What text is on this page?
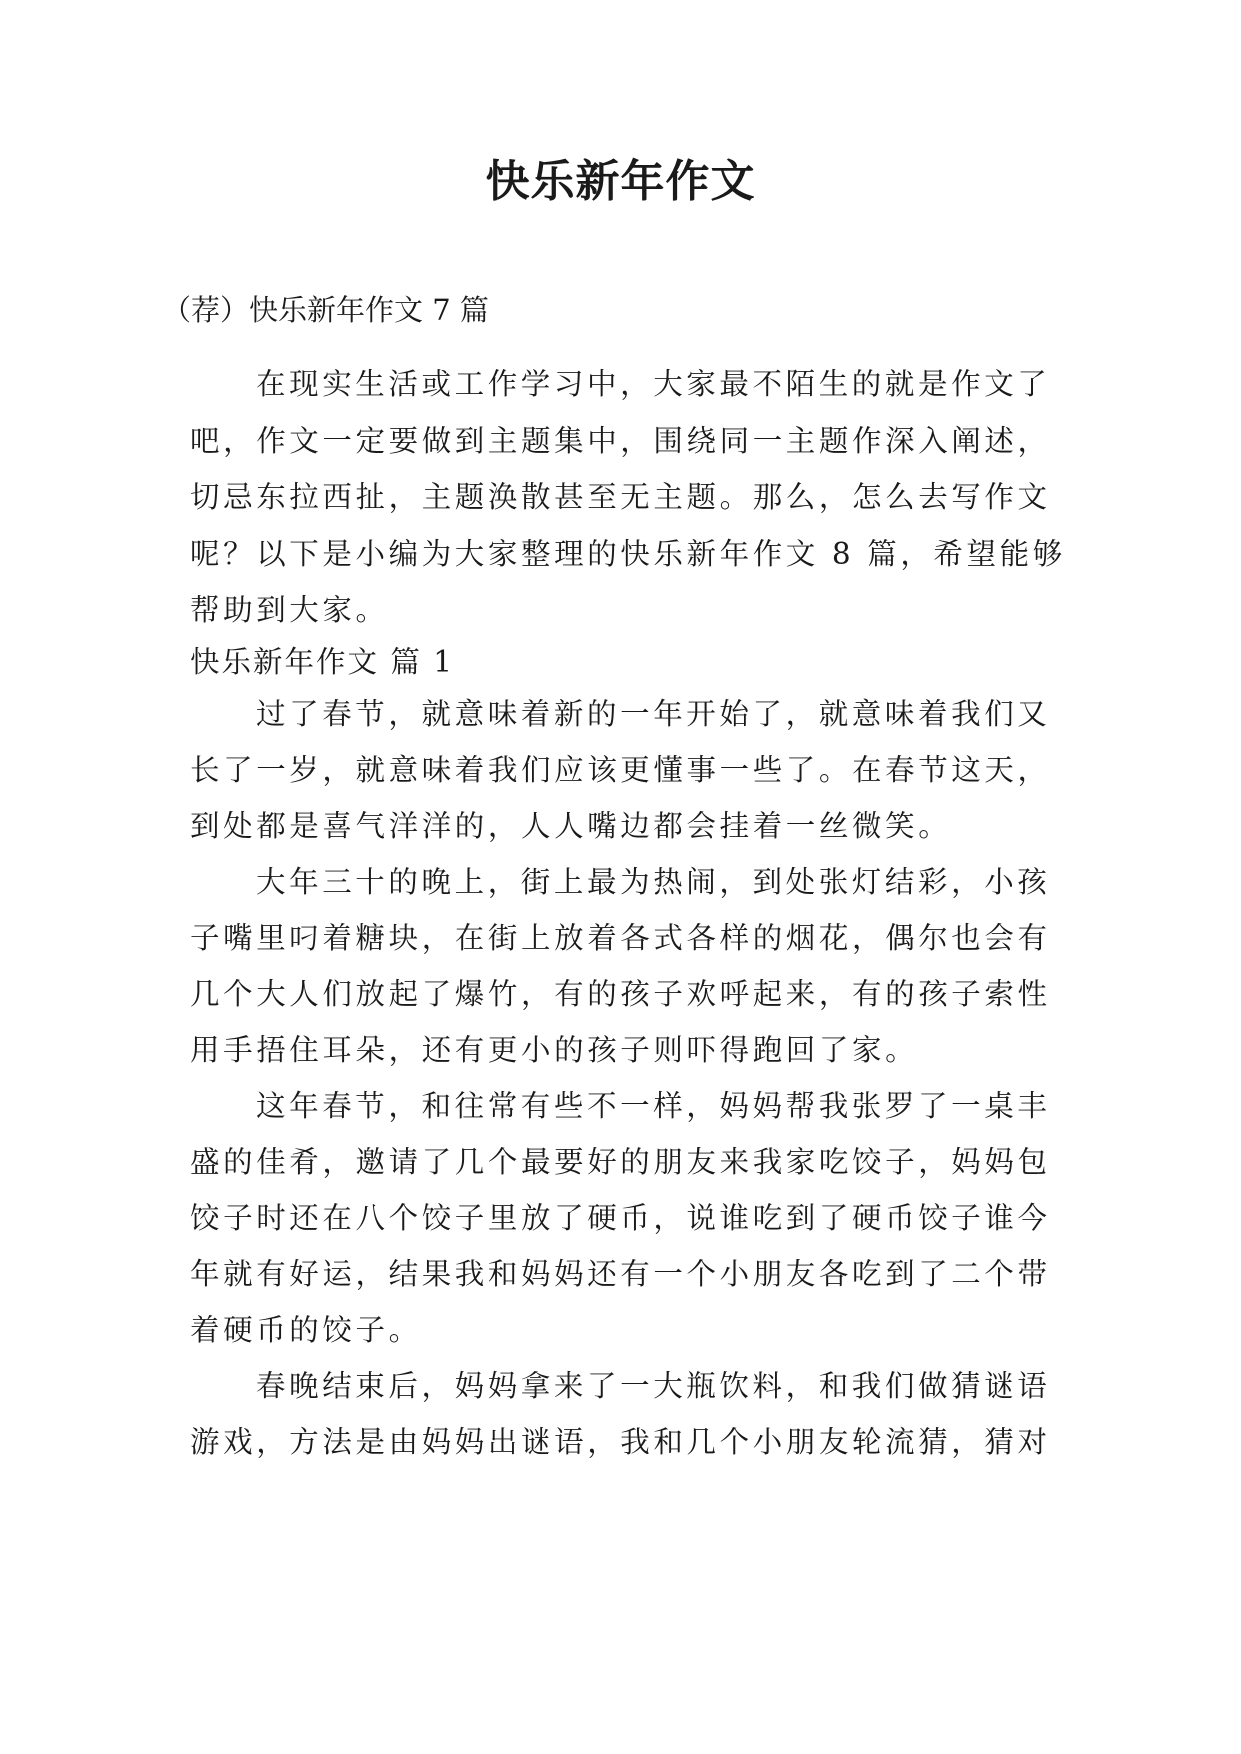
快乐新年作文

（荐）快乐新年作文 7 篇

在现实生活或工作学习中，大家最不陌生的就是作文了

吧，作文一定要做到主题集中，围绕同一主题作深入阐述，

切忌东拉西扯，主题涣散甚至无主题。那么，怎么去写作文

呢？以下是小编为大家整理的快乐新年作文 8 篇，希望能够

帮助到大家。

快乐新年作文 篇 1

过了春节，就意味着新的一年开始了，就意味着我们又

长了一岁，就意味着我们应该更懂事一些了。在春节这天，

到处都是喜气洋洋的，人人嘴边都会挂着一丝微笑。

大年三十的晚上，街上最为热闹，到处张灯结彩，小孩

子嘴里叼着糖块，在街上放着各式各样的烟花，偶尔也会有

几个大人们放起了爆竹，有的孩子欢呼起来，有的孩子索性

用手捂住耳朵，还有更小的孩子则吓得跑回了家。

这年春节，和往常有些不一样，妈妈帮我张罗了一桌丰

盛的佳肴，邀请了几个最要好的朋友来我家吃饺子，妈妈包

饺子时还在八个饺子里放了硬币，说谁吃到了硬币饺子谁今

年就有好运，结果我和妈妈还有一个小朋友各吃到了二个带

着硬币的饺子。

春晚结束后，妈妈拿来了一大瓶饮料，和我们做猜谜语

游戏，方法是由妈妈出谜语，我和几个小朋友轮流猜，猜对
